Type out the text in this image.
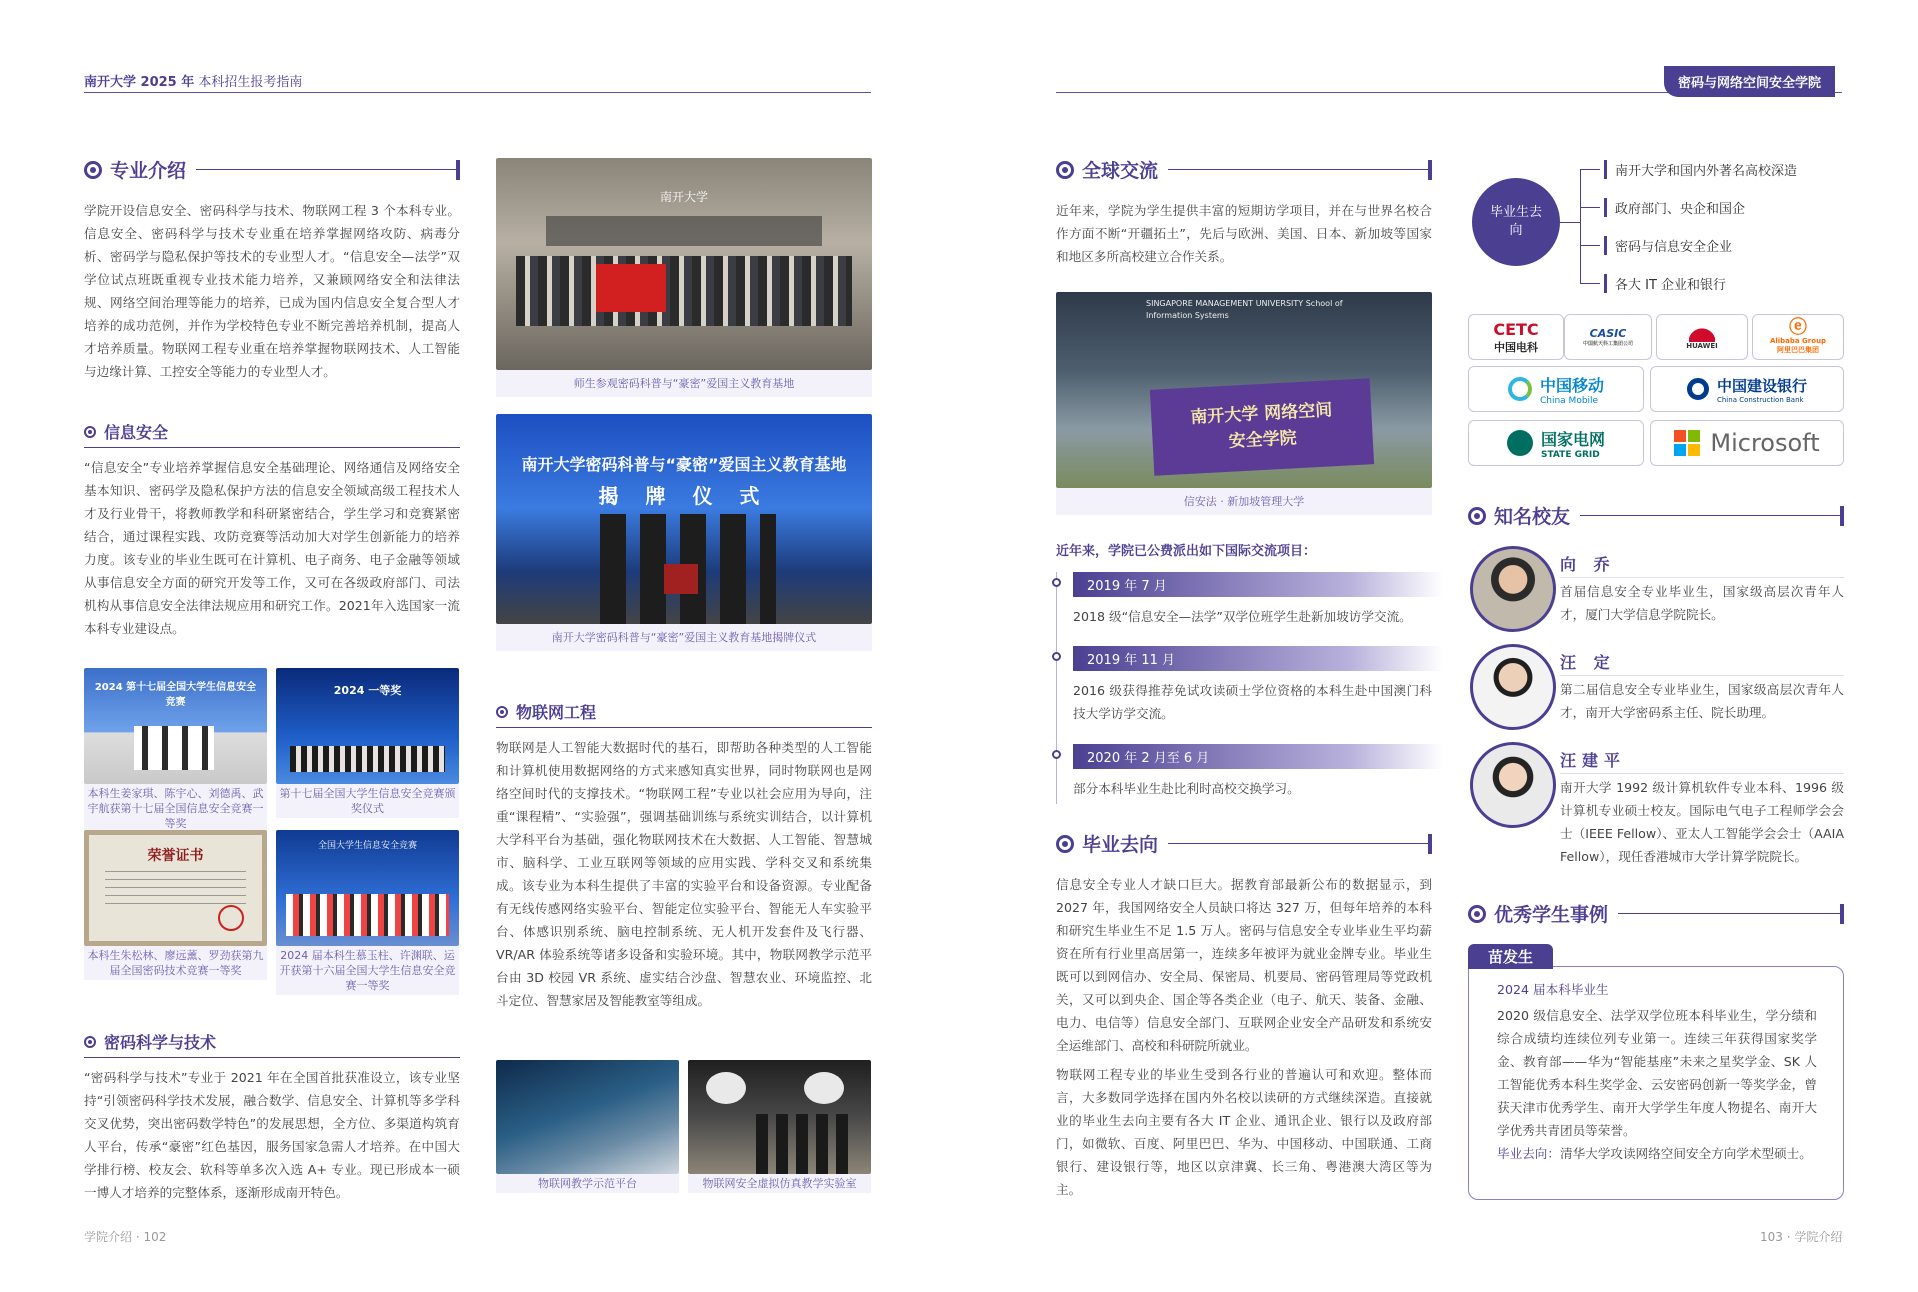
南开大学 2025 年 本科招生报考指南	密码与网络空间安全学院
专业介绍

学院开设信息安全、密码科学与技术、物联网工程 3 个本科专业。信息安全、密码科学与技术专业重在培养掌握网络攻防、病毒分析、密码学与隐私保护等技术的专业型人才。“信息安全—法学”双学位试点班既重视专业技术能力培养，又兼顾网络安全和法律法规、网络空间治理等能力的培养，已成为国内信息安全复合型人才培养的成功范例，并作为学校特色专业不断完善培养机制，提高人才培养质量。物联网工程专业重在培养掌握物联网技术、人工智能与边缘计算、工控安全等能力的专业型人才。

信息安全

“信息安全”专业培养掌握信息安全基础理论、网络通信及网络安全基本知识、密码学及隐私保护方法的信息安全领域高级工程技术人才及行业骨干，将教师教学和科研紧密结合，学生学习和竞赛紧密结合，通过课程实践、攻防竞赛等活动加大对学生创新能力的培养力度。该专业的毕业生既可在计算机、电子商务、电子金融等领域从事信息安全方面的研究开发等工作，又可在各级政府部门、司法机构从事信息安全法律法规应用和研究工作。2021年入选国家一流本科专业建设点。

2024 第十七届全国大学生信息安全竞赛
本科生姜家琪、陈宇心、刘德禹、武宇航获第十七届全国信息安全竞赛一等奖
2024 一等奖
第十七届全国大学生信息安全竞赛颁奖仪式
荣誉证书
本科生朱松林、廖远薰、罗劲获第九届全国密码技术竞赛一等奖
全国大学生信息安全竞赛
2024 届本科生慕玉柱、许渊联、运开获第十六届全国大学生信息安全竞赛一等奖
密码科学与技术

“密码科学与技术”专业于 2021 年在全国首批获准设立，该专业坚持“引领密码科学技术发展，融合数学、信息安全、计算机等多学科交叉优势，突出密码数学特色”的发展思想，全方位、多渠道构筑育人平台，传承“豪密”红色基因，服务国家急需人才培养。在中国大学排行榜、校友会、软科等单多次入选 A+ 专业。现已形成本一硕一博人才培养的完整体系，逐渐形成南开特色。

南开大学
师生参观密码科普与“豪密”爱国主义教育基地
南开大学密码科普与“豪密”爱国主义教育基地
揭 牌 仪 式
南开大学密码科普与“豪密”爱国主义教育基地揭牌仪式
物联网工程

物联网是人工智能大数据时代的基石，即帮助各种类型的人工智能和计算机使用数据网络的方式来感知真实世界，同时物联网也是网络空间时代的支撑技术。“物联网工程”专业以社会应用为导向，注重“课程精”、“实验强”，强调基础训练与系统实训结合，以计算机大学科平台为基础，强化物联网技术在大数据、人工智能、智慧城市、脑科学、工业互联网等领域的应用实践、学科交叉和系统集成。该专业为本科生提供了丰富的实验平台和设备资源。专业配备有无线传感网络实验平台、智能定位实验平台、智能无人车实验平台、体感识别系统、脑电控制系统、无人机开发套件及飞行器、VR/AR 体验系统等诸多设备和实验环境。其中，物联网教学示范平台由 3D 校园 VR 系统、虚实结合沙盘、智慧农业、环境监控、北斗定位、智慧家居及智能教室等组成。

物联网教学示范平台	物联网安全虚拟仿真教学实验室
学院介绍 · 102
全球交流

近年来，学院为学生提供丰富的短期访学项目，并在与世界名校合作方面不断“开疆拓土”，先后与欧洲、美国、日本、新加坡等国家和地区多所高校建立合作关系。

SINGAPORE MANAGEMENT UNIVERSITY School of Information Systems
南开大学 网络空间安全学院
信安法 · 新加坡管理大学
近年来，学院已公费派出如下国际交流项目：
2019 年 7 月

2018 级“信息安全—法学”双学位班学生赴新加坡访学交流。

2019 年 11 月

2016 级获得推荐免试攻读硕士学位资格的本科生赴中国澳门科技大学访学交流。

2020 年 2 月至 6 月

部分本科毕业生赴比利时高校交换学习。

毕业去向

信息安全专业人才缺口巨大。据教育部最新公布的数据显示，到 2027 年，我国网络安全人员缺口将达 327 万，但每年培养的本科和研究生毕业生不足 1.5 万人。密码与信息安全专业毕业生平均薪资在所有行业里高居第一，连续多年被评为就业金牌专业。毕业生既可以到网信办、安全局、保密局、机要局、密码管理局等党政机关，又可以到央企、国企等各类企业（电子、航天、装备、金融、电力、电信等）信息安全部门、互联网企业安全产品研发和系统安全运维部门、高校和科研院所就业。

物联网工程专业的毕业生受到各行业的普遍认可和欢迎。整体而言，大多数同学选择在国内外名校以读研的方式继续深造。直接就业的毕业生去向主要有各大 IT 企业、通讯企业、银行以及政府部门，如微软、百度、阿里巴巴、华为、中国移动、中国联通、工商银行、建设银行等，地区以京津冀、长三角、粤港澳大湾区等为主。

毕业生去向
南开大学和国内外著名高校深造
政府部门、央企和国企
密码与信息安全企业
各大 IT 企业和银行
CETC
中国电科
CASIC
中国航天科工集团公司	HUAWEI
ⓔ
Alibaba Group
阿里巴巴集团
中国移动
China Mobile
中国建设银行
China Construction Bank
国家电网
STATE GRID	Microsoft
知名校友
向 乔

首届信息安全专业毕业生，国家级高层次青年人才，厦门大学信息学院院长。

汪 定

第二届信息安全专业毕业生，国家级高层次青年人才，南开大学密码系主任、院长助理。

汪建平

南开大学 1992 级计算机软件专业本科、1996 级计算机专业硕士校友。国际电气电子工程师学会会士（IEEE Fellow）、亚太人工智能学会会士（AAIA Fellow），现任香港城市大学计算学院院长。

优秀学生事例
苗发生
2024 届本科毕业生

2020 级信息安全、法学双学位班本科毕业生，学分绩和综合成绩均连续位列专业第一。连续三年获得国家奖学金、教育部——华为“智能基座”未来之星奖学金、SK 人工智能优秀本科生奖学金、云安密码创新一等奖学金，曾获天津市优秀学生、南开大学学生年度人物提名、南开大学优秀共青团员等荣誉。

毕业去向：清华大学攻读网络空间安全方向学术型硕士。

103 · 学院介绍
